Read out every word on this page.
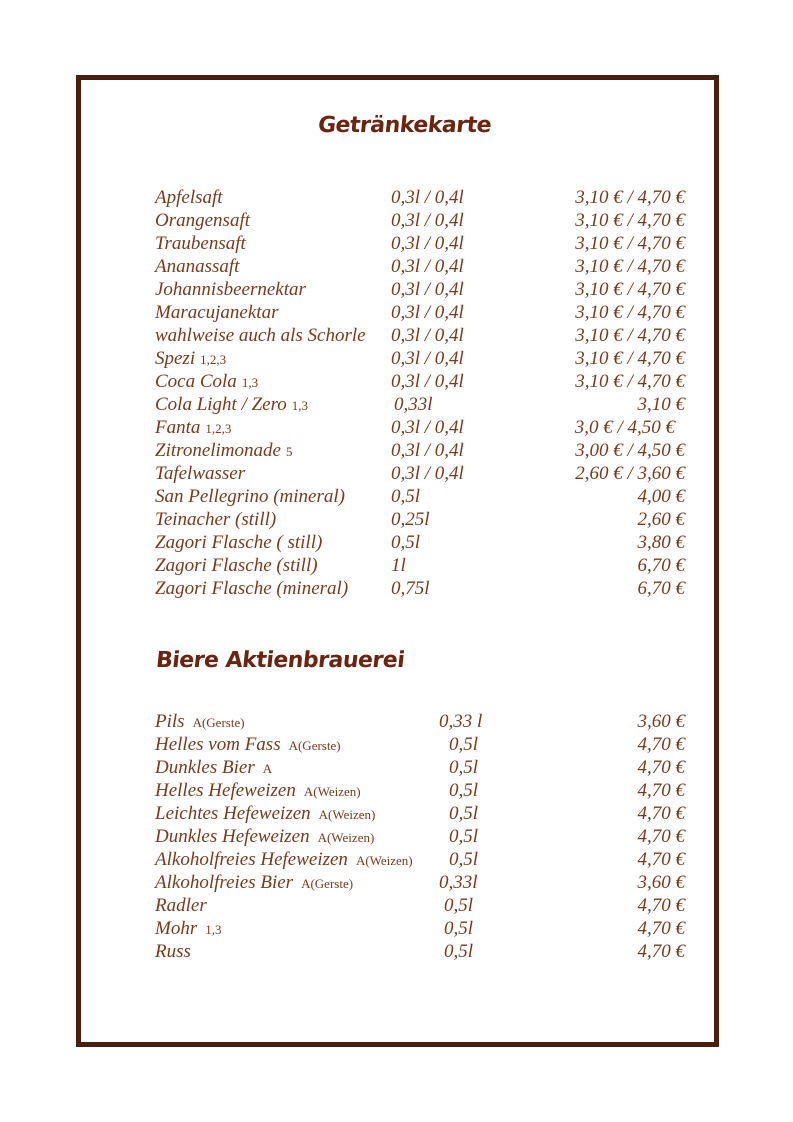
Getränkekarte
Apfelsaft	0,3l / 0,4l	3,10 € / 4,70 €
Orangensaft	0,3l / 0,4l	3,10 € / 4,70 €
Traubensaft	0,3l / 0,4l	3,10 € / 4,70 €
Ananassaft	0,3l / 0,4l	3,10 € / 4,70 €
Johannisbeernektar	0,3l / 0,4l	3,10 € / 4,70 €
Maracujanektar	0,3l / 0,4l	3,10 € / 4,70 €
wahlweise auch als Schorle 0,3l / 0,4l	3,10 € / 4,70 €
Spezi 1,2,3	0,3l / 0,4l	3,10 € / 4,70 €
Coca Cola 1,3	0,3l / 0,4l	3,10 € / 4,70 €
Cola Light / Zero 1,3	0,33l	3,10 €
Fanta 1,2,3	0,3l / 0,4l	3,0 € / 4,50 €
Zitronelimonade 5	0,3l / 0,4l	3,00 € / 4,50 €
Tafelwasser	0,3l / 0,4l	2,60 € / 3,60 €
San Pellegrino (mineral) 0,5l	4,00 €
Teinacher (still)	0,25l	2,60 €
Zagori Flasche ( still)	0,5l	3,80 €
Zagori Flasche (still)	1l	6,70 €
Zagori Flasche (mineral) 0,75l	6,70 €
Biere Aktienbrauerei
Pils A(Gerste)	0,33 l	3,60 €
Helles vom Fass A(Gerste)	0,5l	4,70 €
Dunkles Bier A	0,5l	4,70 €
Helles Hefeweizen A(Weizen)	0,5l	4,70 €
Leichtes Hefeweizen A(Weizen)	0,5l	4,70 €
Dunkles Hefeweizen A(Weizen)	0,5l	4,70 €
Alkoholfreies Hefeweizen A(Weizen) 0,5l	4,70 €
Alkoholfreies Bier A(Gerste)	0,33l	3,60 €
Radler	0,5l	4,70 €
Mohr 1,3	0,5l	4,70 €
Russ	0,5l	4,70 €
